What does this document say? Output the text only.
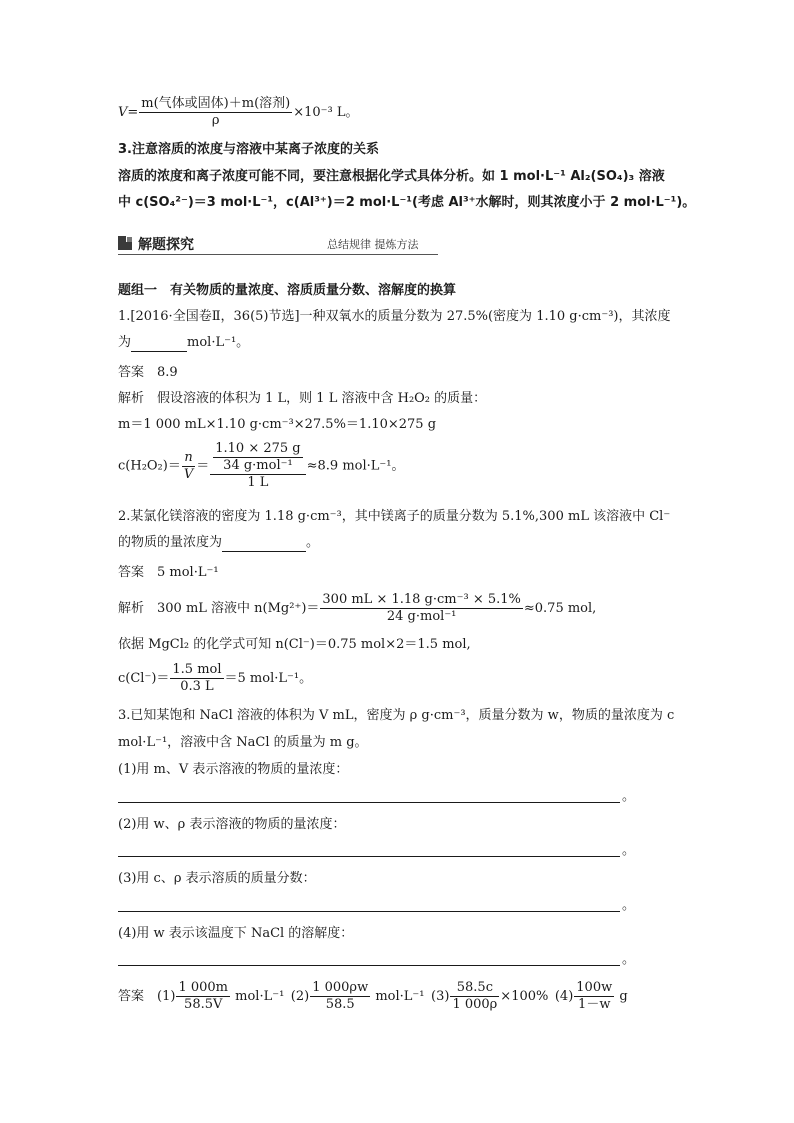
$V= \frac{\text{m(气体或固体)＋m(溶剂)}}{\rho} \times 10^{-3}$ L。
3.注意溶质的浓度与溶液中某离子浓度的关系
溶质的浓度和离子浓度可能不同，要注意根据化学式具体分析。如 1 mol·L⁻¹ Al₂(SO₄)₃ 溶液
中 c(SO₄²⁻)＝3 mol·L⁻¹，c(Al³⁺)＝2 mol·L⁻¹(考虑 Al³⁺水解时，则其浓度小于 2 mol·L⁻¹)。
解题探究	总结规律 提炼方法
题组一　有关物质的量浓度、溶质质量分数、溶解度的换算
1.[2016·全国卷Ⅱ，36(5)节选]一种双氧水的质量分数为 27.5%(密度为 1.10 g·cm⁻³)，其浓度
为	mol·L⁻¹。
答案　8.9
解析　假设溶液的体积为 1 L，则 1 L 溶液中含 H₂O₂ 的质量：
m＝1 000 mL×1.10 g·cm⁻³×27.5%＝1.10×275 g
$c(H_2O_2)= \frac{n}{V} = \frac{\frac{1.10 \times 275 g}{\text{34 g·mol⁻¹}}}{1 L} \approx 8.9$ mol·L⁻¹。
2.某氯化镁溶液的密度为 1.18 g·cm⁻³，其中镁离子的质量分数为 5.1%,300 mL 该溶液中 Cl⁻
的物质的量浓度为	。
答案　5 mol·L⁻¹
解析　300 mL 溶液中 $n(Mg^{2+})= \frac{\text{300 mL × 1.18 g·cm⁻³ × 5.1\%}}{\text{24 g·mol⁻¹}} \approx 0.75$ mol,
依据 MgCl₂ 的化学式可知 n(Cl⁻)＝0.75 mol×2＝1.5 mol,
$c(Cl^-)= \frac{\text{1.5 mol}}{0.3 L} =5$ mol·L⁻¹。
3.已知某饱和 NaCl 溶液的体积为 V mL，密度为 ρ g·cm⁻³，质量分数为 w，物质的量浓度为 c
mol·L⁻¹，溶液中含 NaCl 的质量为 m g。
(1)用 m、V 表示溶液的物质的量浓度：
。
(2)用 w、ρ 表示溶液的物质的量浓度：
。
(3)用 c、ρ 表示溶质的质量分数：
。
(4)用 w 表示该温度下 NaCl 的溶解度：
。
答案　 $(1) \frac{1 000m}{58.5V} mol\cdot L^{-1}$  $(2) \frac{1 000\rho w}{58.5} mol\cdot L^{-1}$  $(3) \frac{58.5c}{1 000\rho} \times 100\%$  $(4) \frac{100w}{1-w}$ g
